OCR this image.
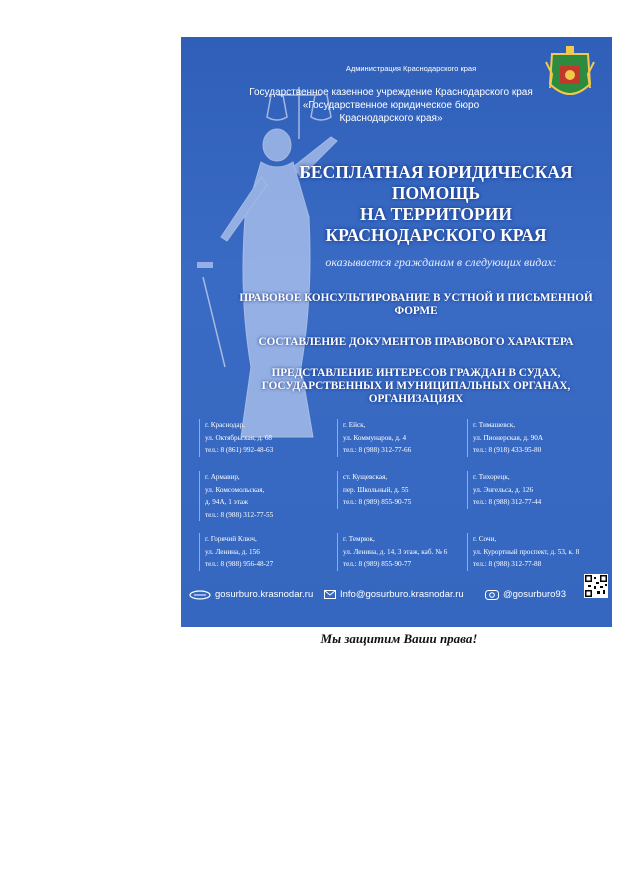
Администрация Краснодарского края
Государственное казенное учреждение Краснодарского края
«Государственное юридическое бюро
Краснодарского края»
БЕСПЛАТНАЯ ЮРИДИЧЕСКАЯ
ПОМОЩЬ
НА ТЕРРИТОРИИ
КРАСНОДАРСКОГО КРАЯ
оказывается гражданам в следующих видах:
ПРАВОВОЕ КОНСУЛЬТИРОВАНИЕ В УСТНОЙ И ПИСЬМЕННОЙ ФОРМЕ
СОСТАВЛЕНИЕ ДОКУМЕНТОВ ПРАВОВОГО ХАРАКТЕРА
ПРЕДСТАВЛЕНИЕ ИНТЕРЕСОВ ГРАЖДАН В СУДАХ, ГОСУДАРСТВЕННЫХ И МУНИЦИПАЛЬНЫХ ОРГАНАХ, ОРГАНИЗАЦИЯХ
г. Краснодар,
ул. Октябрьская, д. 68
тел.: 8 (861) 992-48-63
г. Ейск,
ул. Коммунаров, д. 4
тел.: 8 (988) 312-77-66
г. Тимашевск,
ул. Пионерская, д. 90А
тел.: 8 (918) 433-95-80
г. Армавир,
ул. Комсомольская,
д. 94А, 1 этаж
тел.: 8 (988) 312-77-55
ст. Кущевская,
пер. Школьный, д. 55
тел.: 8 (989) 855-90-75
г. Тихорецк,
ул. Энгельса, д. 126
тел.: 8 (988) 312-77-44
г. Горячий Ключ,
ул. Ленина, д. 156
тел.: 8 (988) 956-48-27
г. Темрюк,
ул. Ленина, д. 14, 3 этаж, каб. № 6
тел.: 8 (989) 855-90-77
г. Сочи,
ул. Курортный проспект, д. 53, к. 8
тел.: 8 (988) 312-77-88
gosurburo.krasnodar.ru	Info@gosurburo.krasnodar.ru	@gosurburo93
Мы защитим Ваши права!
